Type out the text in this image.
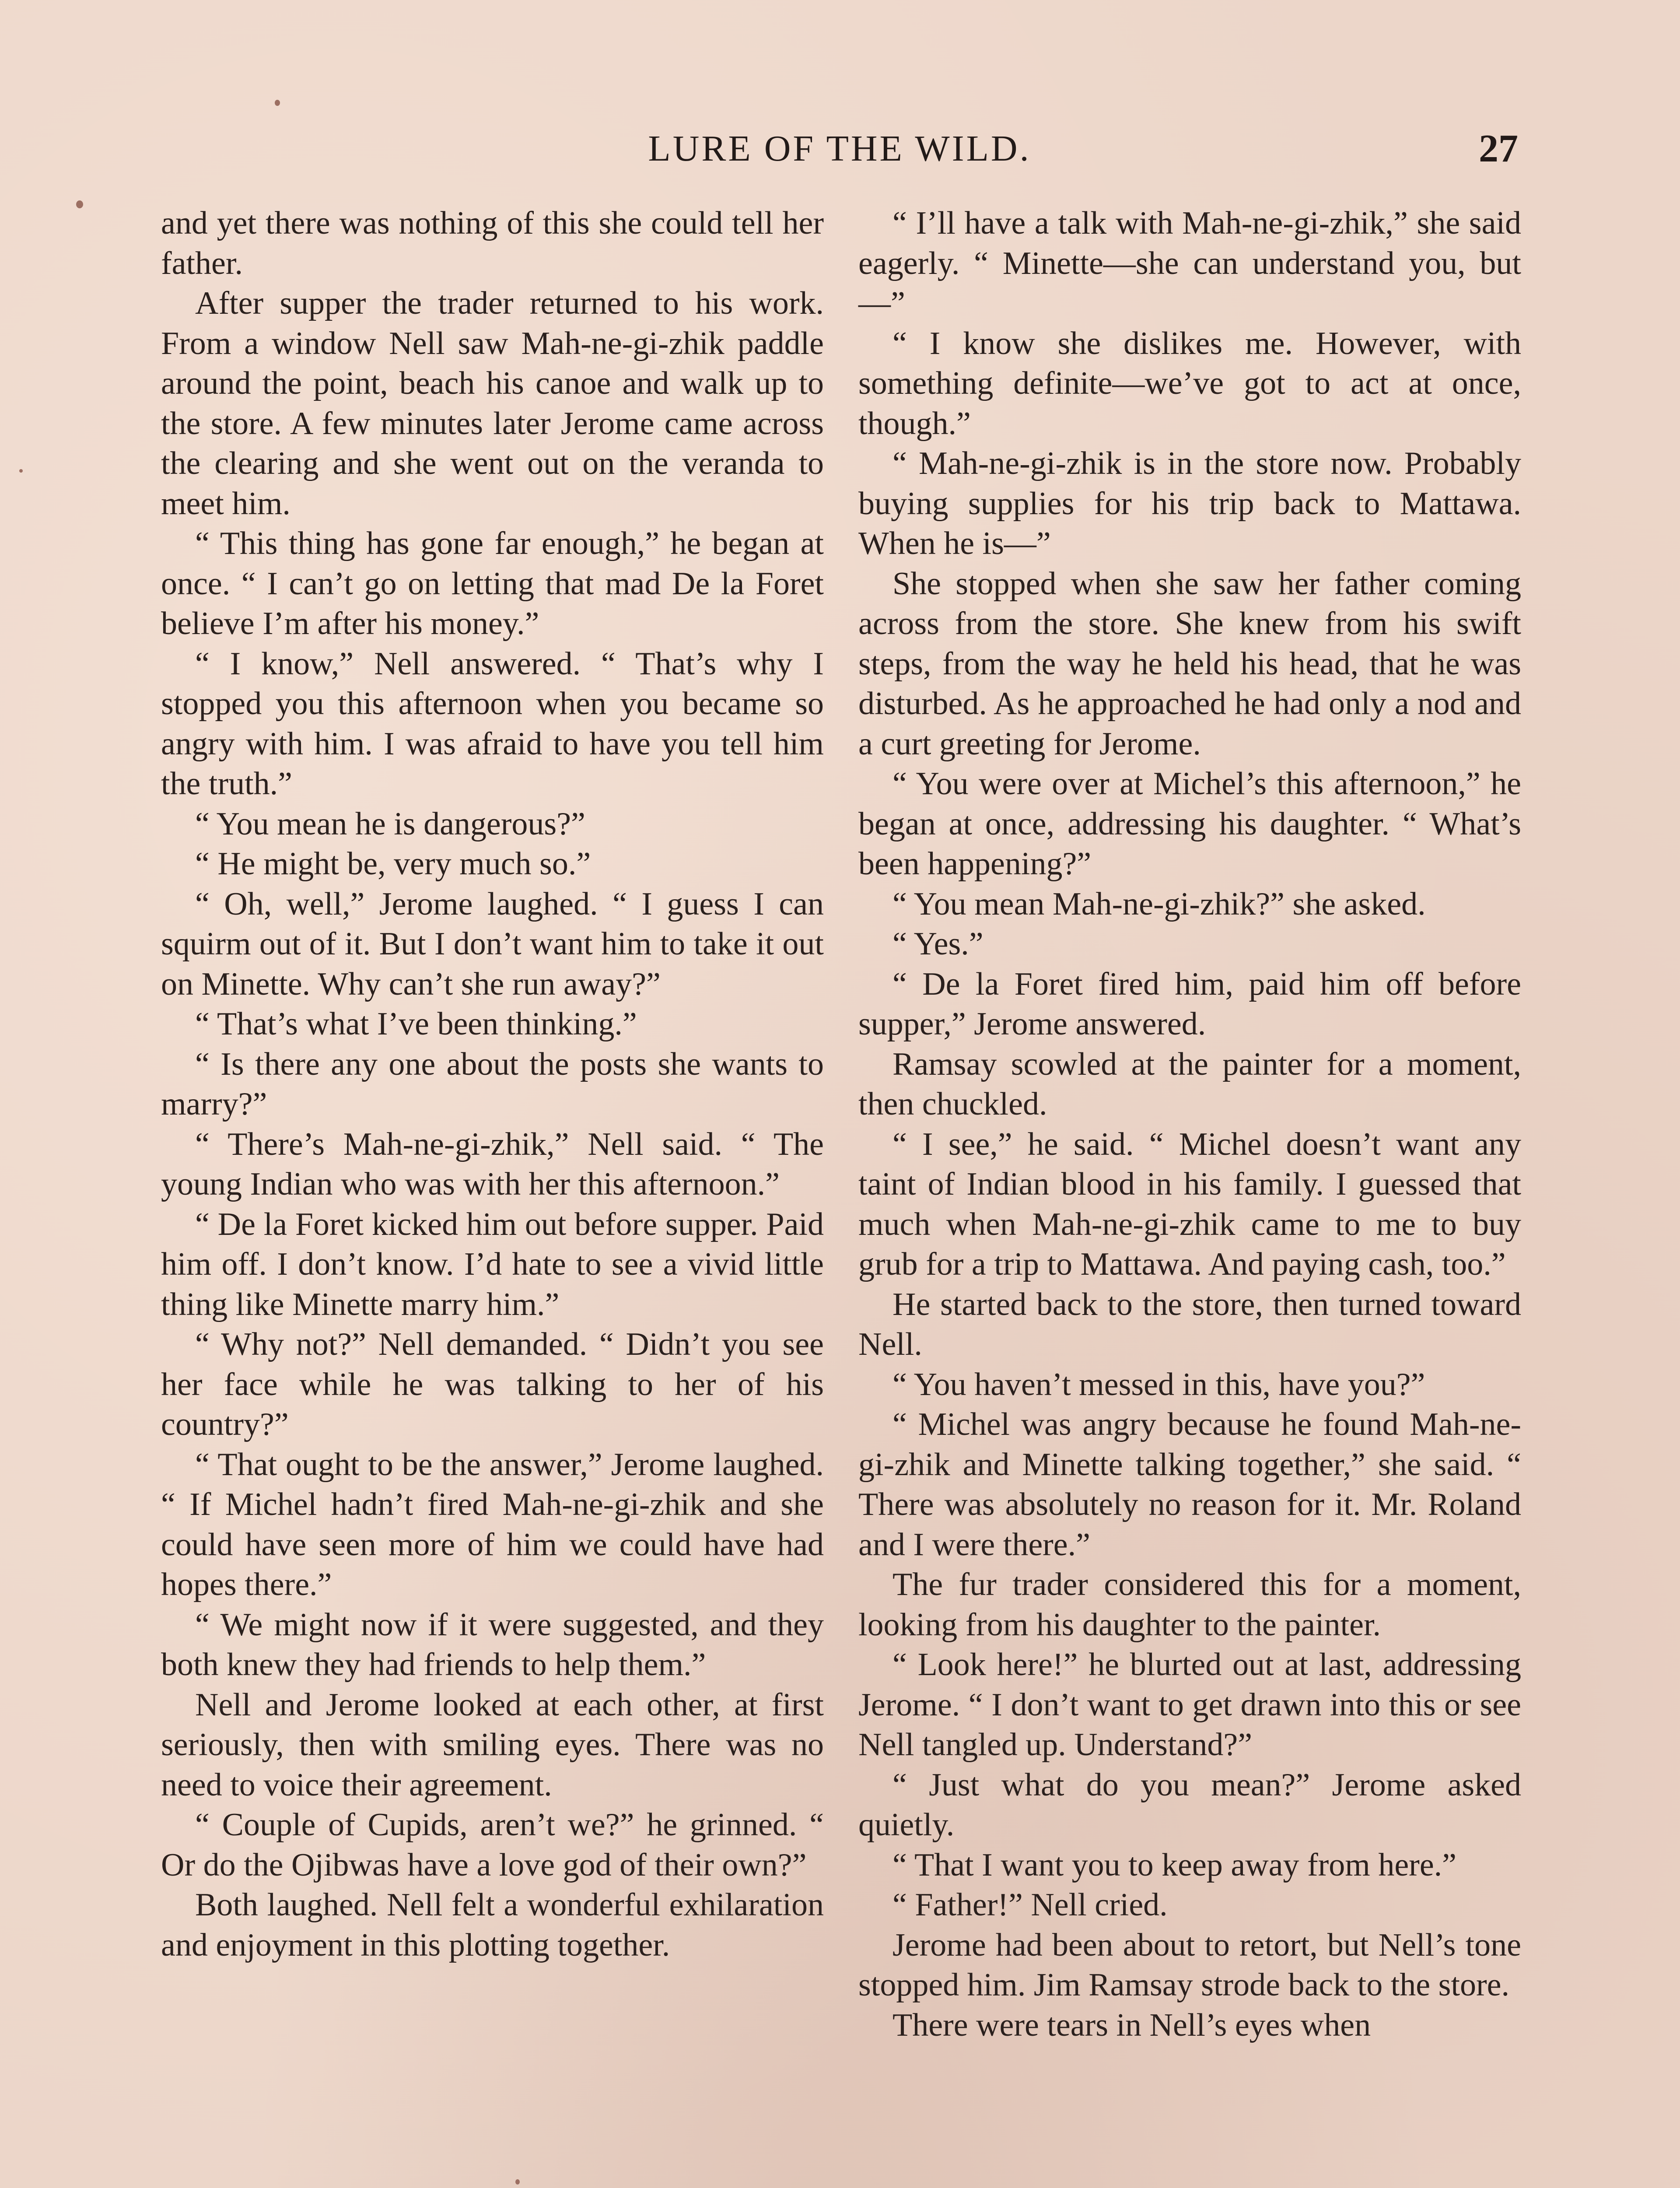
LURE OF THE WILD.	27

and yet there was nothing of this she could tell her father.

After supper the trader returned to his work. From a window Nell saw Mah-ne-gi-zhik paddle around the point, beach his canoe and walk up to the store. A few minutes later Jerome came across the clearing and she went out on the veranda to meet him.

“ This thing has gone far enough,” he began at once. “ I can’t go on letting that mad De la Foret believe I’m after his money.”

“ I know,” Nell answered. “ That’s why I stopped you this afternoon when you became so angry with him. I was afraid to have you tell him the truth.”

“ You mean he is dangerous?”

“ He might be, very much so.”

“ Oh, well,” Jerome laughed. “ I guess I can squirm out of it. But I don’t want him to take it out on Minette. Why can’t she run away?”

“ That’s what I’ve been thinking.”

“ Is there any one about the posts she wants to marry?”

“ There’s Mah-ne-gi-zhik,” Nell said. “ The young Indian who was with her this afternoon.”

“ De la Foret kicked him out before supper. Paid him off. I don’t know. I’d hate to see a vivid little thing like Minette marry him.”

“ Why not?” Nell demanded. “ Didn’t you see her face while he was talking to her of his country?”

“ That ought to be the answer,” Jerome laughed. “ If Michel hadn’t fired Mah-ne-gi-zhik and she could have seen more of him we could have had hopes there.”

“ We might now if it were suggested, and they both knew they had friends to help them.”

Nell and Jerome looked at each other, at first seriously, then with smiling eyes. There was no need to voice their agreement.

“ Couple of Cupids, aren’t we?” he grinned. “ Or do the Ojibwas have a love god of their own?”

Both laughed. Nell felt a wonderful exhilaration and enjoyment in this plotting together.

“ I’ll have a talk with Mah-ne-gi-zhik,” she said eagerly. “ Minette—she can understand you, but—”

“ I know she dislikes me. However, with something definite—we’ve got to act at once, though.”

“ Mah-ne-gi-zhik is in the store now. Probably buying supplies for his trip back to Mattawa. When he is—”

She stopped when she saw her father coming across from the store. She knew from his swift steps, from the way he held his head, that he was disturbed. As he approached he had only a nod and a curt greeting for Jerome.

“ You were over at Michel’s this afternoon,” he began at once, addressing his daughter. “ What’s been happening?”

“ You mean Mah-ne-gi-zhik?” she asked.

“ Yes.”

“ De la Foret fired him, paid him off before supper,” Jerome answered.

Ramsay scowled at the painter for a moment, then chuckled.

“ I see,” he said. “ Michel doesn’t want any taint of Indian blood in his family. I guessed that much when Mah-ne-gi-zhik came to me to buy grub for a trip to Mattawa. And paying cash, too.”

He started back to the store, then turned toward Nell.

“ You haven’t messed in this, have you?”

“ Michel was angry because he found Mah-ne-gi-zhik and Minette talking together,” she said. “ There was absolutely no reason for it. Mr. Roland and I were there.”

The fur trader considered this for a moment, looking from his daughter to the painter.

“ Look here!” he blurted out at last, addressing Jerome. “ I don’t want to get drawn into this or see Nell tangled up. Understand?”

“ Just what do you mean?” Jerome asked quietly.

“ That I want you to keep away from here.”

“ Father!” Nell cried.

Jerome had been about to retort, but Nell’s tone stopped him. Jim Ramsay strode back to the store.

There were tears in Nell’s eyes when
